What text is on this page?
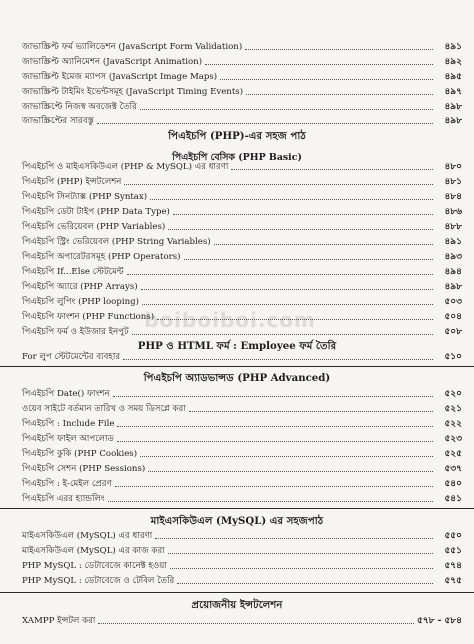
boiboiboi.com
জাভাস্ক্রিপ্ট ফর্ম ভ্যালিডেশন (JavaScript Form Validation)	৪৯১
জাভাস্ক্রিপ্ট অ্যানিমেশন (JavaScript Animation)	৪৯২
জাভাস্ক্রিপ্ট ইমেজ ম্যাপস (JavaScript Image Maps)	৪৯৫
জাভাস্ক্রিপ্ট টাইমিং ইভেন্টসমূহ (JavaScript Timing Events)	৪৯৭
জাভাস্ক্রিপ্টে নিজস্ব অবজেক্ট তৈরি	৪৯৮
জাভাস্ক্রিপ্টের সারবস্তু	৪৯৮
পিএইচপি (PHP)-এর সহজ পাঠ
পিএইচপি বেসিক (PHP Basic)
পিএইচপি ও মাইএসকিউএল (PHP & MySQL) এর ধারণা	৪৮০
পিএইচপি (PHP) ইন্সটলেশন	৪৮১
পিএইচপি সিনট্যাক্স (PHP Syntax)	৪৮৪
পিএইচপি ডেটা টাইপ (PHP Data Type)	৪৮৬
পিএইচপি ভেরিয়েবল (PHP Variables)	৪৮৮
পিএইচপি স্ট্রিং ভেরিয়েবল (PHP String Variables)	৪৯১
পিএইচপি অপারেটরসমূহ (PHP Operators)	৪৯৩
পিএইচপি If...Else স্টেটমেন্ট	৪৯৪
পিএইচপি অ্যারে (PHP Arrays)	৪৯৮
পিএইচপি লুপিং (PHP looping)	৫০৩
পিএইচপি ফাংশন (PHP Functions)	৫০৪
পিএইচপি ফর্ম ও ইউজার ইনপুট	৫০৮
PHP ও HTML ফর্ম : Employee ফর্ম তৈরি
For লুপ স্টেটমেন্টের ব্যবহার	৫১০
পিএইচপি অ্যাডভান্সড (PHP Advanced)
পিএইচপি Date() ফাংশন	৫২০
ওয়েব সাইটে বর্তমান তারিখ ও সময় ডিসপ্লে করা	৫২১
পিএইচপি : Include File	৫২২
পিএইচপি ফাইল আপলোড	৫২৩
পিএইচপি কুকি (PHP Cookies)	৫২৫
পিএইচপি সেশন (PHP Sessions)	৫৩৭
পিএইচপি : ই-মেইল প্রেরণ	৫৪০
পিএইচপি এরর হ্যান্ডলিং	৫৪১
মাইএসকিউএল (MySQL) এর সহজপাঠ
মাইএসকিউএল (MySQL) এর ধারণা	৫৫০
মাইএসকিউএল (MySQL) এর কাজ করা	৫৫১
PHP MySQL : ডেটাবেজে কানেক্ট হওয়া	৫৭৪
PHP MySQL : ডেটাবেজে ও টেবিল তৈরি	৫৭৫
প্রয়োজনীয় ইন্সটলেশন
XAMPP ইন্সটল করা	৫৭৮ - ৫৮৪
